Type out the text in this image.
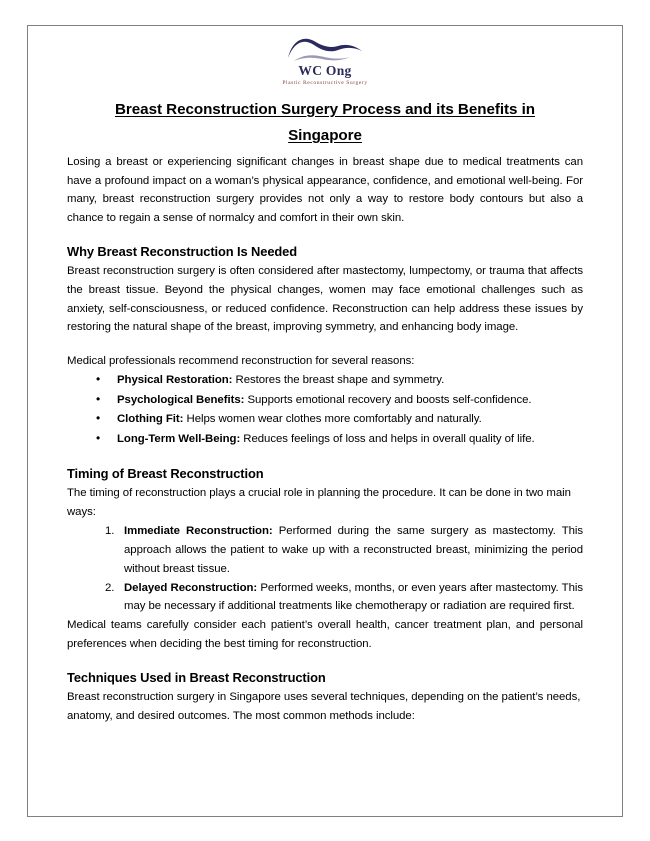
WC Ong
Plastic Reconstructive Surgery
Breast Reconstruction Surgery Process and its Benefits in
Singapore

Losing a breast or experiencing significant changes in breast shape due to medical treatments can have a profound impact on a woman’s physical appearance, confidence, and emotional well-being. For many, breast reconstruction surgery provides not only a way to restore body contours but also a chance to regain a sense of normalcy and comfort in their own skin.

Why Breast Reconstruction Is Needed

Breast reconstruction surgery is often considered after mastectomy, lumpectomy, or trauma that affects the breast tissue. Beyond the physical changes, women may face emotional challenges such as anxiety, self-consciousness, or reduced confidence. Reconstruction can help address these issues by restoring the natural shape of the breast, improving symmetry, and enhancing body image.

Medical professionals recommend reconstruction for several reasons:

• Physical Restoration: Restores the breast shape and symmetry.
• Psychological Benefits: Supports emotional recovery and boosts self-confidence.
• Clothing Fit: Helps women wear clothes more comfortably and naturally.
• Long-Term Well-Being: Reduces feelings of loss and helps in overall quality of life.
Timing of Breast Reconstruction

The timing of reconstruction plays a crucial role in planning the procedure. It can be done in two main ways:

Immediate Reconstruction: Performed during the same surgery as mastectomy. This approach allows the patient to wake up with a reconstructed breast, minimizing the period without breast tissue.
Delayed Reconstruction: Performed weeks, months, or even years after mastectomy. This may be necessary if additional treatments like chemotherapy or radiation are required first.

Medical teams carefully consider each patient’s overall health, cancer treatment plan, and personal preferences when deciding the best timing for reconstruction.

Techniques Used in Breast Reconstruction

Breast reconstruction surgery in Singapore uses several techniques, depending on the patient’s needs, anatomy, and desired outcomes. The most common methods include:
